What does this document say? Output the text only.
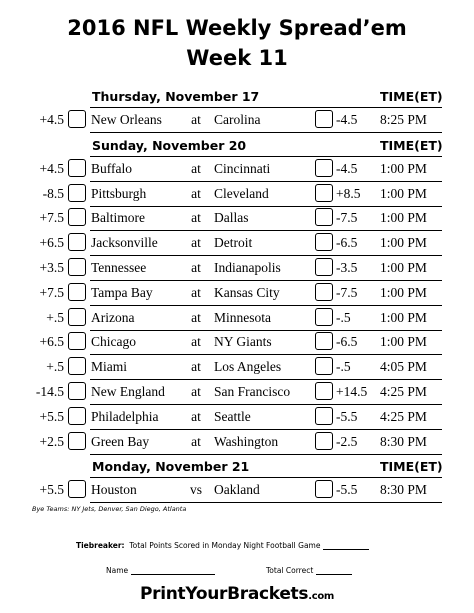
2016 NFL Weekly Spread’em
Week 11
Thursday, November 17	TIME(ET)
+4.5 New Orleans at Carolina	-4.5 8:25 PM
Sunday, November 20	TIME(ET)
+4.5 Buffalo	at Cincinnati	-4.5 1:00 PM
-8.5 Pittsburgh	at Cleveland	+8.5 1:00 PM
+7.5 Baltimore	at Dallas	-7.5 1:00 PM
+6.5 Jacksonville at Detroit	-6.5 1:00 PM
+3.5 Tennessee	at Indianapolis	-3.5 1:00 PM
+7.5 Tampa Bay	at Kansas City	-7.5 1:00 PM
+.5 Arizona	at Minnesota	-.5 1:00 PM
+6.5 Chicago	at NY Giants	-6.5 1:00 PM
+.5 Miami	at Los Angeles	-.5 4:05 PM
-14.5 New England at San Francisco	+14.5 4:25 PM
+5.5 Philadelphia at Seattle	-5.5 4:25 PM
+2.5 Green Bay	at Washington	-2.5 8:30 PM
Monday, November 21	TIME(ET)
+5.5 Houston	vs Oakland	-5.5 8:30 PM
Bye Teams: NY Jets, Denver, San Diego, Atlanta
Tiebreaker: Total Points Scored in Monday Night Football Game
Name	Total Correct
PrintYourBrackets.com
